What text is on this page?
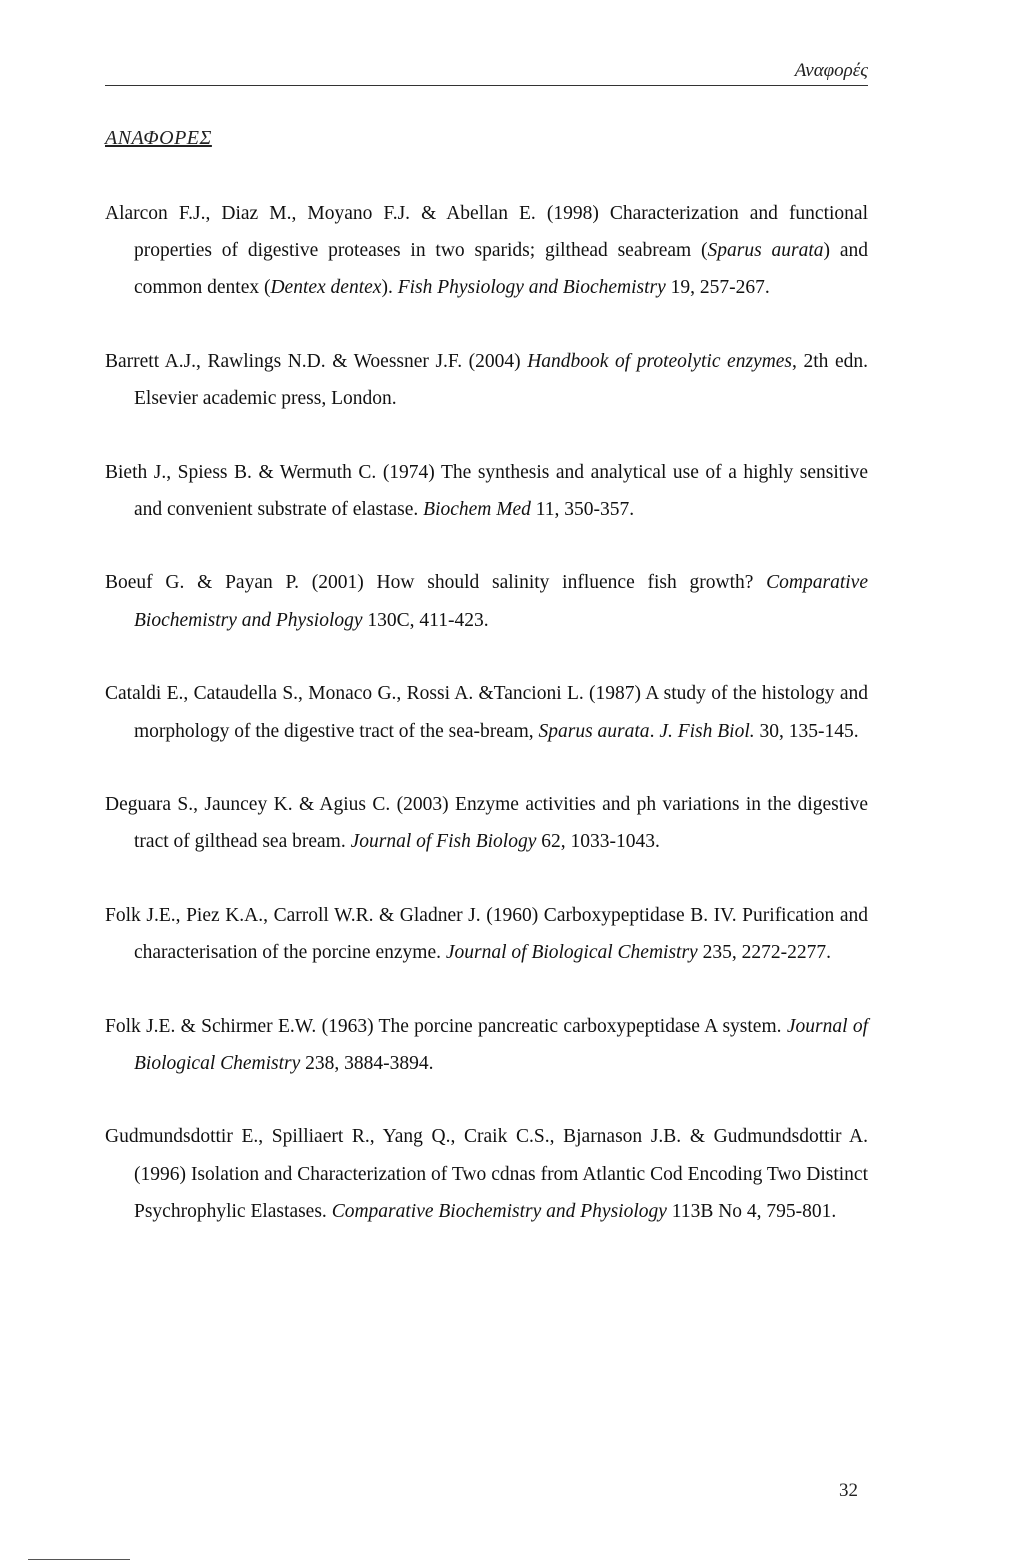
Αναφορές
ΑΝΑΦΟΡΕΣ

Alarcon F.J., Diaz M., Moyano F.J. & Abellan E. (1998) Characterization and functional properties of digestive proteases in two sparids; gilthead seabream (Sparus aurata) and common dentex (Dentex dentex). Fish Physiology and Biochemistry 19, 257-267.

Barrett A.J., Rawlings N.D. & Woessner J.F. (2004) Handbook of proteolytic enzymes, 2th edn. Elsevier academic press, London.

Bieth J., Spiess B. & Wermuth C. (1974) The synthesis and analytical use of a highly sensitive and convenient substrate of elastase. Biochem Med 11, 350-357.

Boeuf G. & Payan P. (2001) How should salinity influence fish growth? Comparative Biochemistry and Physiology 130C, 411-423.

Cataldi E., Cataudella S., Monaco G., Rossi A. &Tancioni L. (1987) A study of the histology and morphology of the digestive tract of the sea-bream, Sparus aurata. J. Fish Biol. 30, 135-145.

Deguara S., Jauncey K. & Agius C. (2003) Enzyme activities and ph variations in the digestive tract of gilthead sea bream. Journal of Fish Biology 62, 1033-1043.

Folk J.E., Piez K.A., Carroll W.R. & Gladner J. (1960) Carboxypeptidase B. IV. Purification and characterisation of the porcine enzyme. Journal of Biological Chemistry 235, 2272-2277.

Folk J.E. & Schirmer E.W. (1963) The porcine pancreatic carboxypeptidase A system. Journal of Biological Chemistry 238, 3884-3894.

Gudmundsdottir E., Spilliaert R., Yang Q., Craik C.S., Bjarnason J.B. & Gudmundsdottir A. (1996) Isolation and Characterization of Two cdnas from Atlantic Cod Encoding Two Distinct Psychrophylic Elastases. Comparative Biochemistry and Physiology 113B No 4, 795-801.

32
